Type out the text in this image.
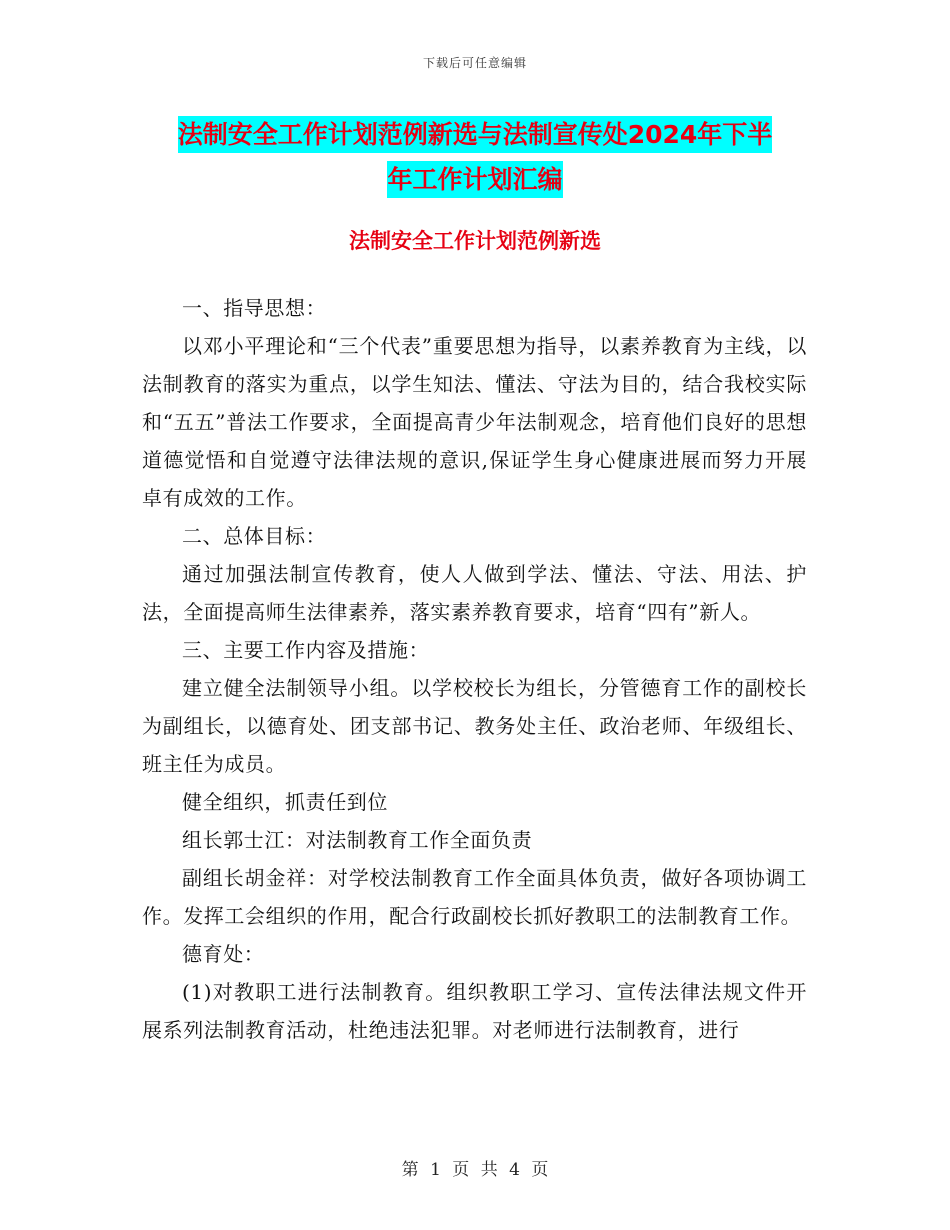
下载后可任意编辑
法制安全工作计划范例新选与法制宣传处2024年下半
年工作计划汇编
法制安全工作计划范例新选

一、指导思想：

以邓小平理论和“三个代表”重要思想为指导，以素养教育为主线，以法制教育的落实为重点，以学生知法、懂法、守法为目的，结合我校实际和“五五”普法工作要求，全面提高青少年法制观念，培育他们良好的思想道德觉悟和自觉遵守法律法规的意识,保证学生身心健康进展而努力开展卓有成效的工作。

二、总体目标：

通过加强法制宣传教育，使人人做到学法、懂法、守法、用法、护法，全面提高师生法律素养，落实素养教育要求，培育“四有”新人。

三、主要工作内容及措施：

建立健全法制领导小组。以学校校长为组长，分管德育工作的副校长为副组长，以德育处、团支部书记、教务处主任、政治老师、年级组长、班主任为成员。

健全组织，抓责任到位

组长郭士江：对法制教育工作全面负责

副组长胡金祥：对学校法制教育工作全面具体负责，做好各项协调工作。发挥工会组织的作用，配合行政副校长抓好教职工的法制教育工作。

德育处：

(1)对教职工进行法制教育。组织教职工学习、宣传法律法规文件开展系列法制教育活动，杜绝违法犯罪。对老师进行法制教育，进行

第 1 页 共 4 页
